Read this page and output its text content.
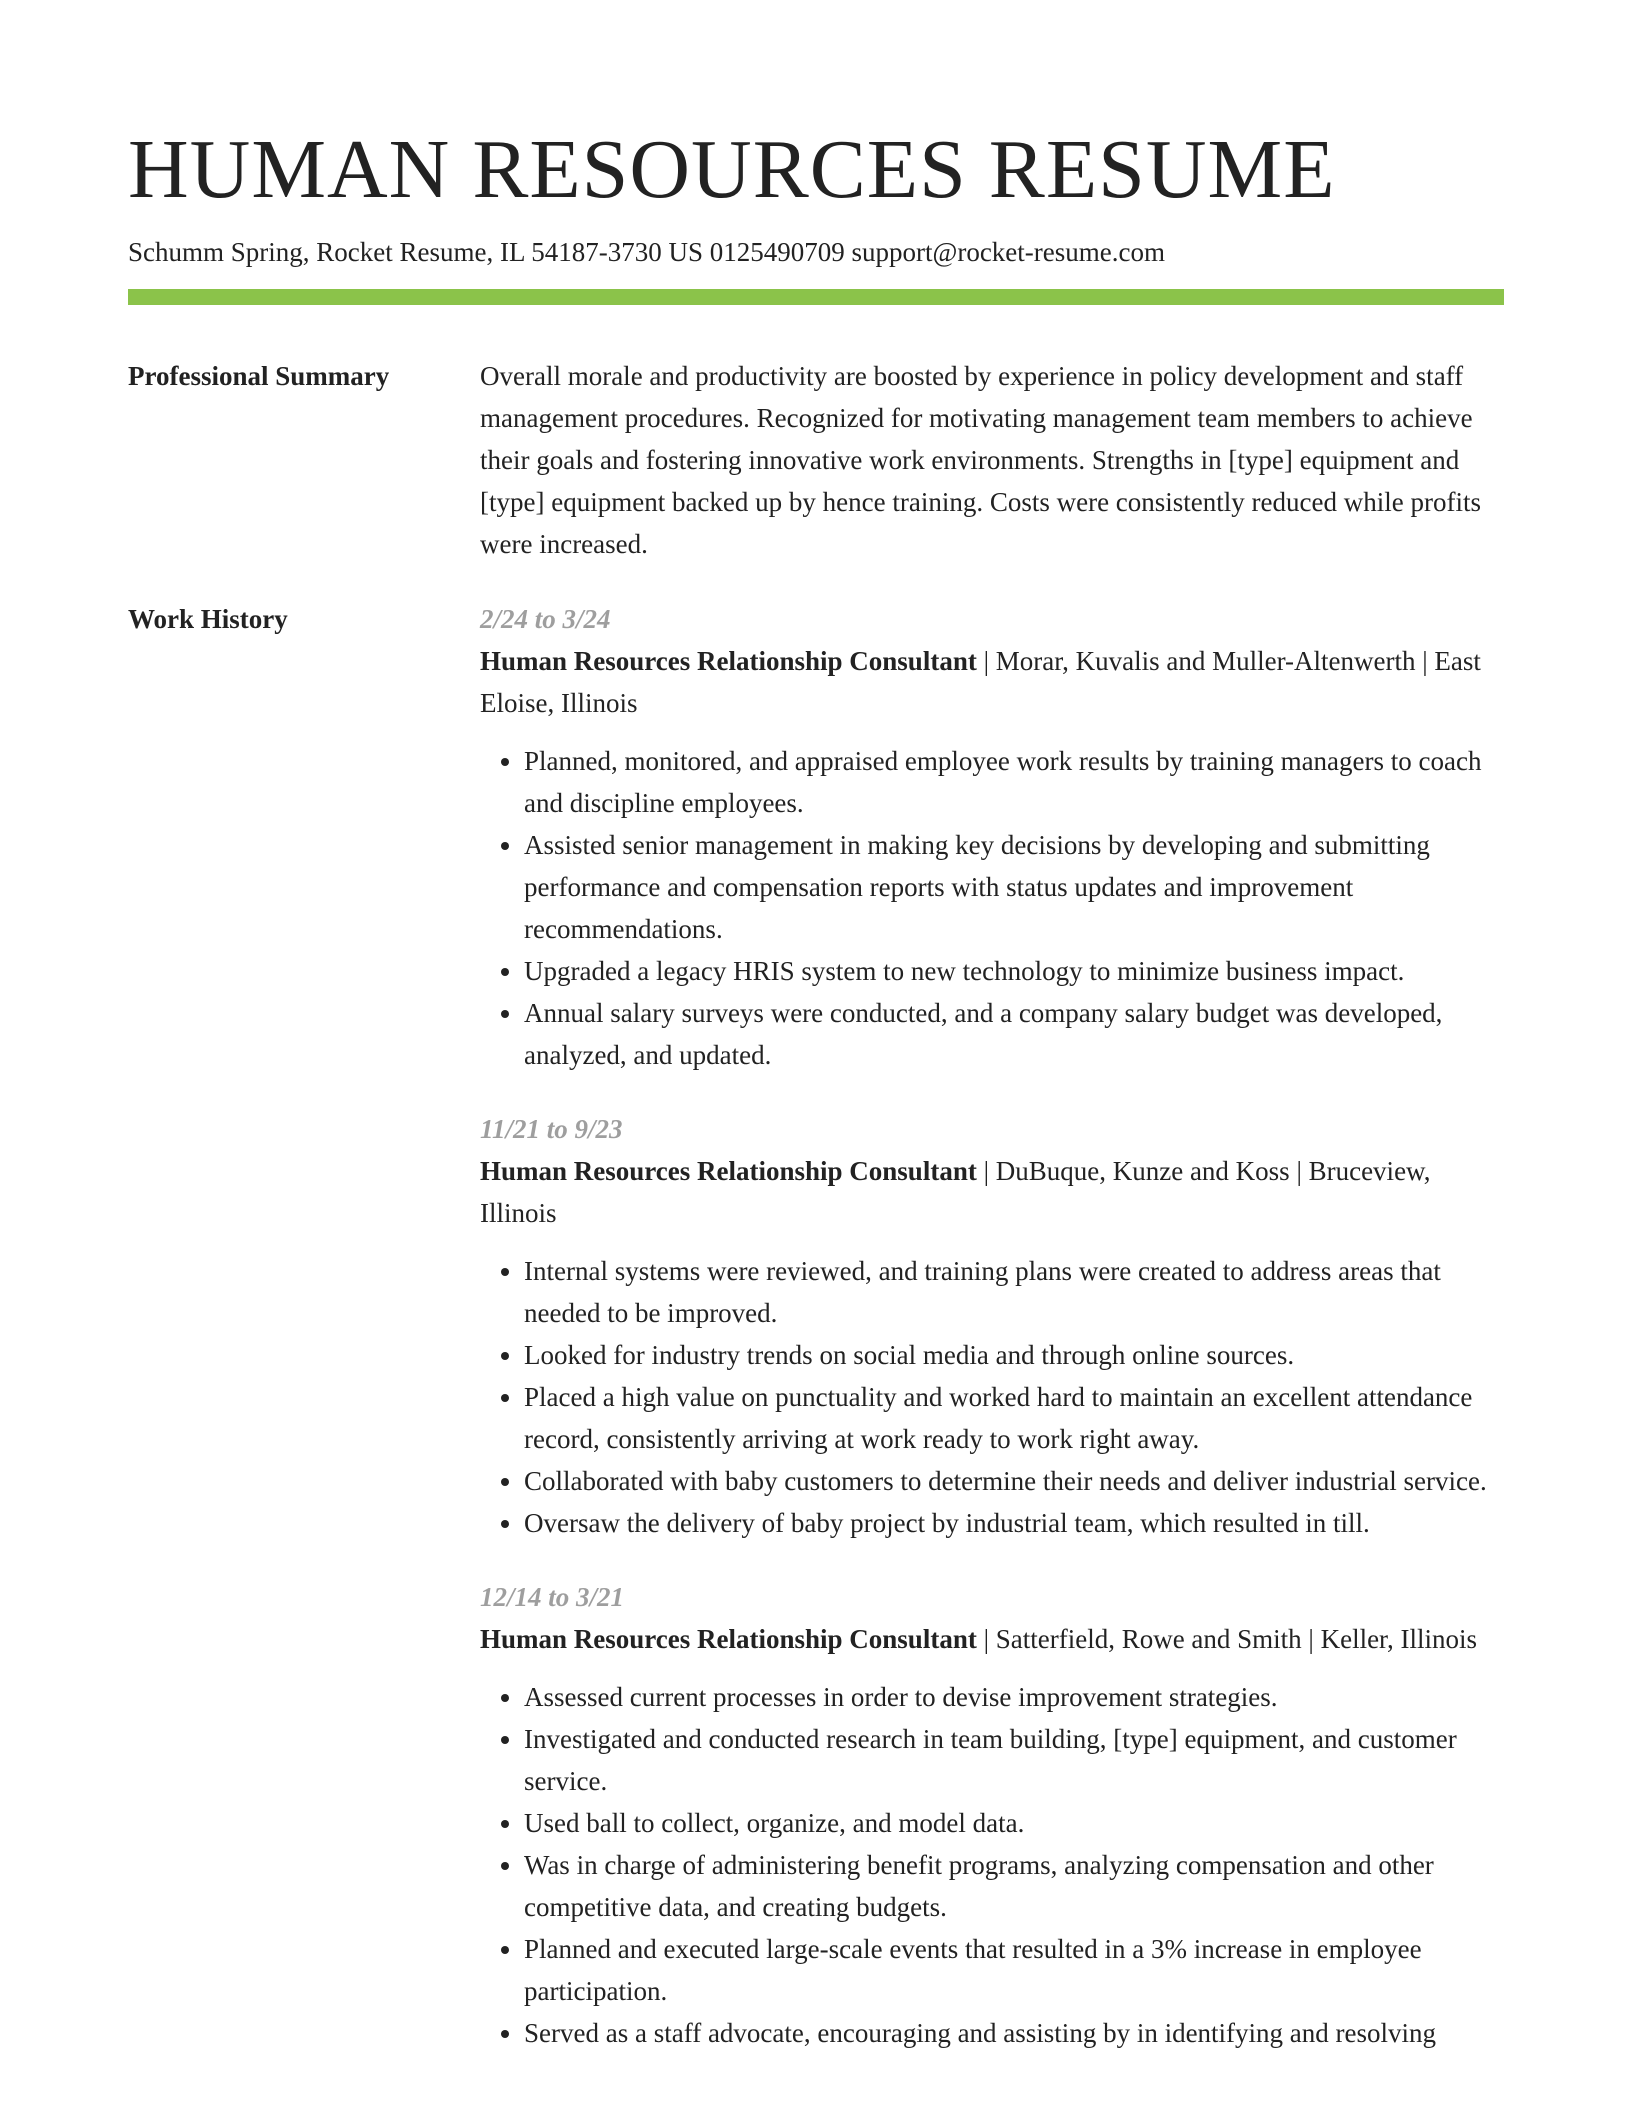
HUMAN RESOURCES RESUME
Schumm Spring, Rocket Resume, IL 54187-3730 US 0125490709 support@rocket-resume.com
Professional Summary	Overall morale and productivity are boosted by experience in policy development and staff management procedures. Recognized for motivating management team members to achieve their goals and fostering innovative work environments. Strengths in [type] equipment and [type] equipment backed up by hence training. Costs were consistently reduced while profits were increased.

Work History	2/24 to 3/24

Human Resources Relationship Consultant | Morar, Kuvalis and Muller-Altenwerth | East Eloise, Illinois

• Planned, monitored, and appraised employee work results by training managers to coach and discipline employees.
• Assisted senior management in making key decisions by developing and submitting performance and compensation reports with status updates and improvement recommendations.
• Upgraded a legacy HRIS system to new technology to minimize business impact.
• Annual salary surveys were conducted, and a company salary budget was developed, analyzed, and updated.
11/21 to 9/23

Human Resources Relationship Consultant | DuBuque, Kunze and Koss | Bruceview, Illinois

• Internal systems were reviewed, and training plans were created to address areas that needed to be improved.
• Looked for industry trends on social media and through online sources.
• Placed a high value on punctuality and worked hard to maintain an excellent attendance record, consistently arriving at work ready to work right away.
• Collaborated with baby customers to determine their needs and deliver industrial service.
• Oversaw the delivery of baby project by industrial team, which resulted in till.
12/14 to 3/21

Human Resources Relationship Consultant | Satterfield, Rowe and Smith | Keller, Illinois

• Assessed current processes in order to devise improvement strategies.
• Investigated and conducted research in team building, [type] equipment, and customer service.
• Used ball to collect, organize, and model data.
• Was in charge of administering benefit programs, analyzing compensation and other competitive data, and creating budgets.
• Planned and executed large-scale events that resulted in a 3% increase in employee participation.
• Served as a staff advocate, encouraging and assisting by in identifying and resolving
